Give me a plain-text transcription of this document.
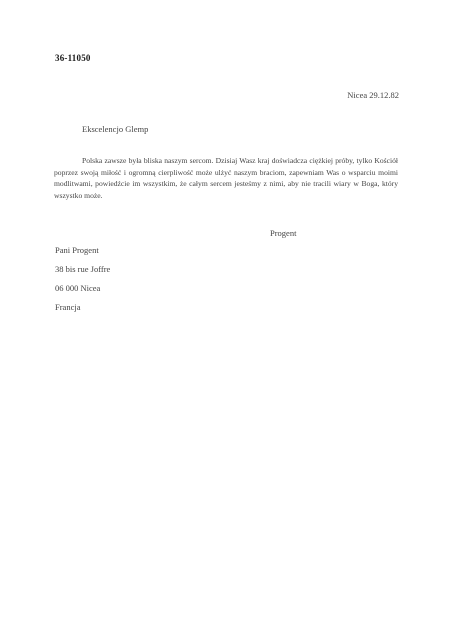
36-11050
Nicea 29.12.82
Ekscelencjo Glemp

Polska zawsze była bliska naszym sercom. Dzisiaj Wasz kraj doświadcza ciężkiej próby, tylko Kościół poprzez swoją miłość i ogromną cierpliwość może ulżyć naszym braciom, zapewniam Was o wsparciu moimi modlitwami, powiedźcie im wszystkim, że całym sercem jesteśmy z nimi, aby nie tracili wiary w Boga, który wszystko może.

Progent
Pani Progent
38 bis rue Joffre
06 000 Nicea
Francja
